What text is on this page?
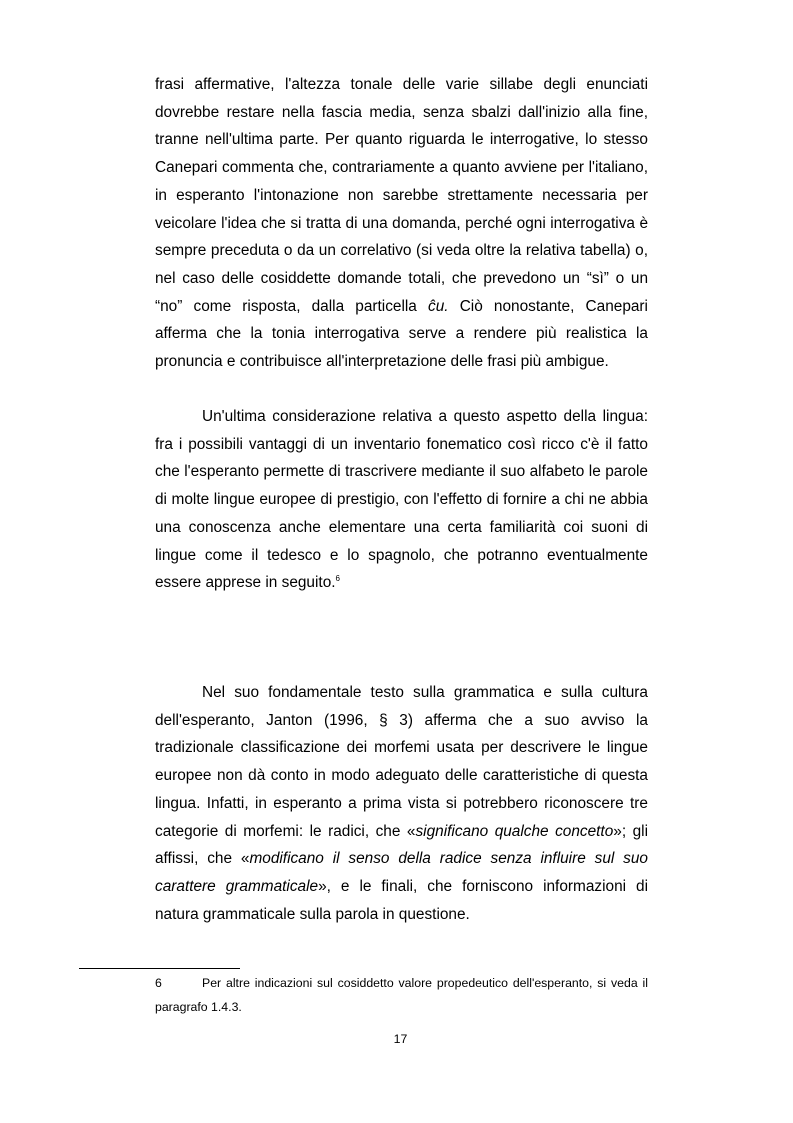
frasi affermative, l'altezza tonale delle varie sillabe degli enunciati dovrebbe restare nella fascia media, senza sbalzi dall'inizio alla fine, tranne nell'ultima parte. Per quanto riguarda le interrogative, lo stesso Canepari commenta che, contrariamente a quanto avviene per l'italiano, in esperanto l'intonazione non sarebbe strettamente necessaria per veicolare l'idea che si tratta di una domanda, perché ogni interrogativa è sempre preceduta o da un correlativo (si veda oltre la relativa tabella) o, nel caso delle cosiddette domande totali, che prevedono un “sì” o un “no” come risposta, dalla particella ĉu. Ciò nonostante, Canepari afferma che la tonia interrogativa serve a rendere più realistica la pronuncia e contribuisce all'interpretazione delle frasi più ambigue.

Un'ultima considerazione relativa a questo aspetto della lingua: fra i possibili vantaggi di un inventario fonematico così ricco c'è il fatto che l'esperanto permette di trascrivere mediante il suo alfabeto le parole di molte lingue europee di prestigio, con l'effetto di fornire a chi ne abbia una conoscenza anche elementare una certa familiarità coi suoni di lingue come il tedesco e lo spagnolo, che potranno eventualmente essere apprese in seguito.$^6$

Nel suo fondamentale testo sulla grammatica e sulla cultura dell'esperanto, Janton (1996, § 3) afferma che a suo avviso la tradizionale classificazione dei morfemi usata per descrivere le lingue europee non dà conto in modo adeguato delle caratteristiche di questa lingua. Infatti, in esperanto a prima vista si potrebbero riconoscere tre categorie di morfemi: le radici, che «significano qualche concetto»; gli affissi, che «modificano il senso della radice senza influire sul suo carattere grammaticale», e le finali, che forniscono informazioni di natura grammaticale sulla parola in questione.

6	Per altre indicazioni sul cosiddetto valore propedeutico dell'esperanto, si veda il paragrafo 1.4.3.
17
